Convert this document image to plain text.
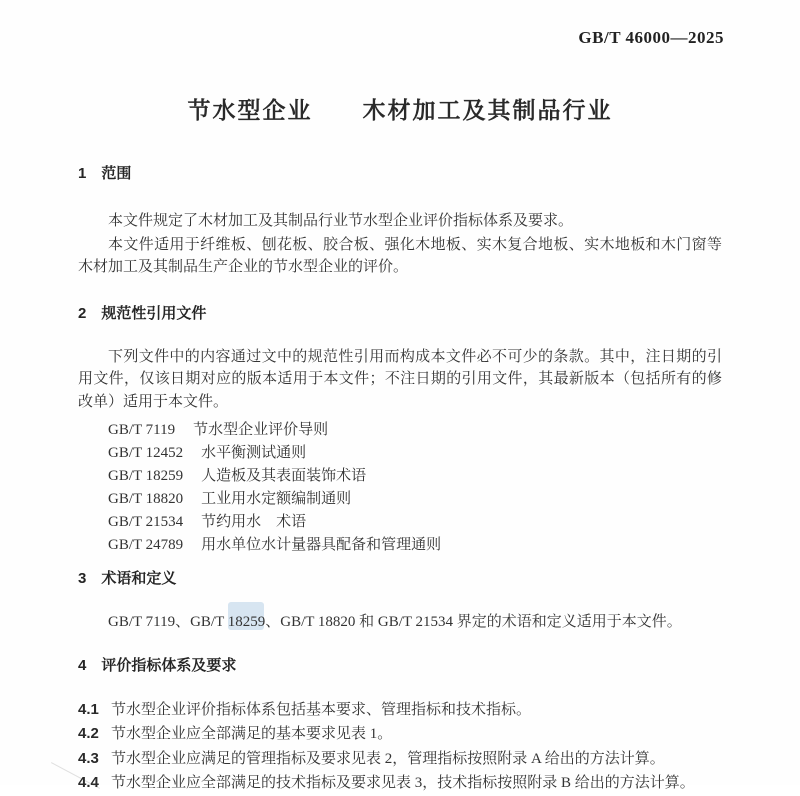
GB/T 46000—2025
节水型企业　　木材加工及其制品行业
1 范围

本文件规定了木材加工及其制品行业节水型企业评价指标体系及要求。

本文件适用于纤维板、刨花板、胶合板、强化木地板、实木复合地板、实木地板和木门窗等木材加工及其制品生产企业的节水型企业的评价。

2 规范性引用文件

下列文件中的内容通过文中的规范性引用而构成本文件必不可少的条款。其中，注日期的引用文件，仅该日期对应的版本适用于本文件；不注日期的引用文件，其最新版本（包括所有的修改单）适用于本文件。

GB/T 7119 节水型企业评价导则
GB/T 12452 水平衡测试通则
GB/T 18259 人造板及其表面装饰术语
GB/T 18820 工业用水定额编制通则
GB/T 21534 节约用水　术语
GB/T 24789 用水单位水计量器具配备和管理通则
3 术语和定义

GB/T 7119、GB/T 18259、GB/T 18820 和 GB/T 21534 界定的术语和定义适用于本文件。

4 评价指标体系及要求
4.1 节水型企业评价指标体系包括基本要求、管理指标和技术指标。
4.2 节水型企业应全部满足的基本要求见表 1。
4.3 节水型企业应满足的管理指标及要求见表 2，管理指标按照附录 A 给出的方法计算。
4.4 节水型企业应全部满足的技术指标及要求见表 3，技术指标按照附录 B 给出的方法计算。
